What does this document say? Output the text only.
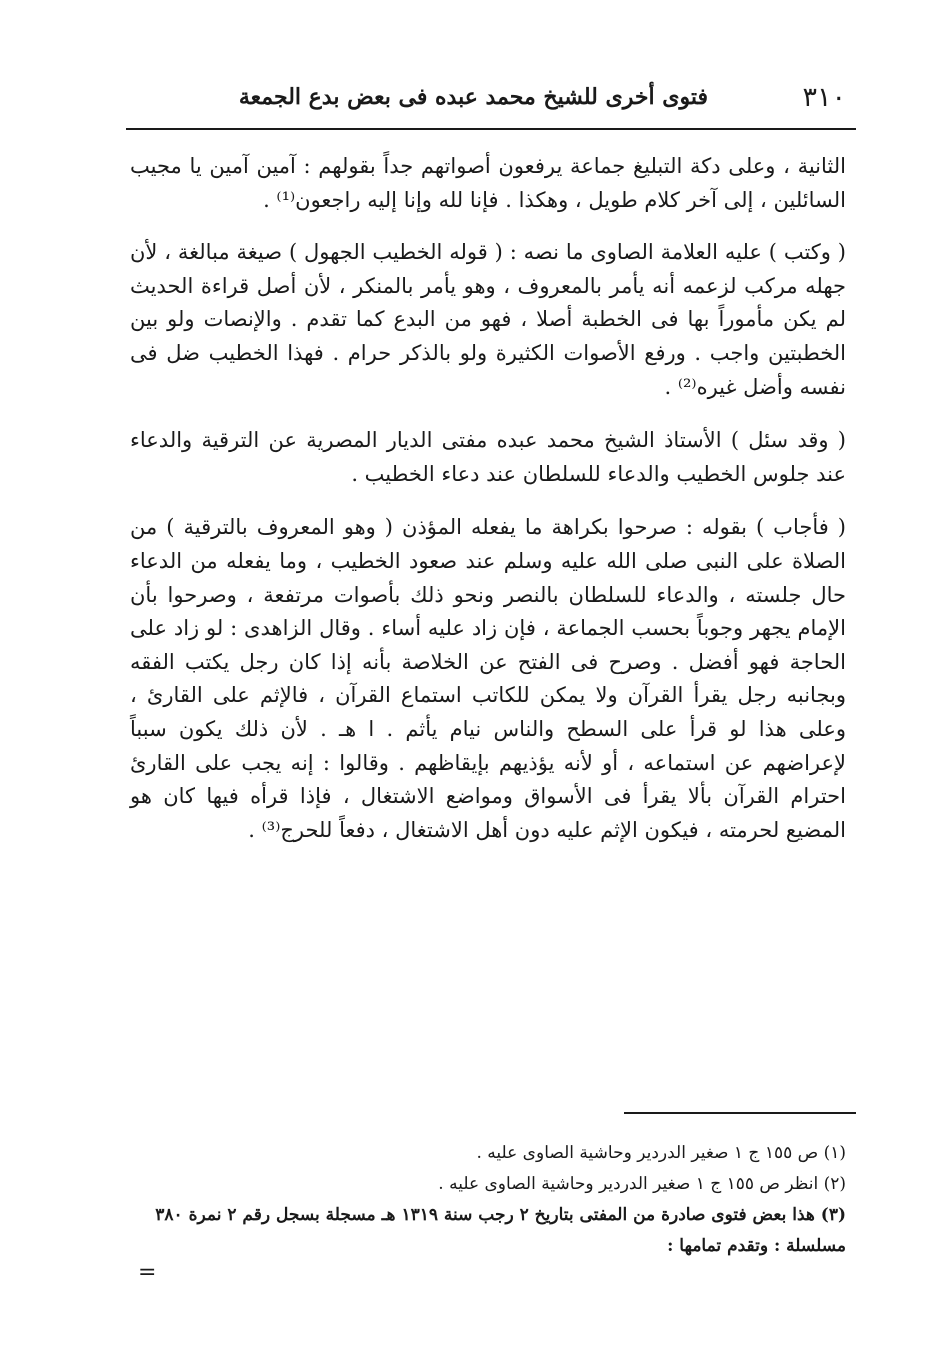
٣١٠
فتوى أخرى للشيخ محمد عبده فى بعض بدع الجمعة

الثانية ، وعلى دكة التبليغ جماعة يرفعون أصواتهم جداً بقولهم : آمين آمين يا مجيب السائلين ، إلى آخر كلام طويل ، وهكذا . فإنا لله وإنا إليه راجعون⁽¹⁾ .

( وكتب ) عليه العلامة الصاوى ما نصه : ( قوله الخطيب الجهول ) صيغة مبالغة ، لأن جهله مركب لزعمه أنه يأمر بالمعروف ، وهو يأمر بالمنكر ، لأن أصل قراءة الحديث لم يكن مأموراً بها فى الخطبة أصلا ، فهو من البدع كما تقدم . والإنصات ولو بين الخطبتين واجب . ورفع الأصوات الكثيرة ولو بالذكر حرام . فهذا الخطيب ضل فى نفسه وأضل غيره⁽²⁾ .

( وقد سئل ) الأستاذ الشيخ محمد عبده مفتى الديار المصرية عن الترقية والدعاء عند جلوس الخطيب والدعاء للسلطان عند دعاء الخطيب .

( فأجاب ) بقوله : صرحوا بكراهة ما يفعله المؤذن ( وهو المعروف بالترقية ) من الصلاة على النبى صلى الله عليه وسلم عند صعود الخطيب ، وما يفعله من الدعاء حال جلسته ، والدعاء للسلطان بالنصر ونحو ذلك بأصوات مرتفعة ، وصرحوا بأن الإمام يجهر وجوباً بحسب الجماعة ، فإن زاد عليه أساء . وقال الزاهدى : لو زاد على الحاجة فهو أفضل . وصرح فى الفتح عن الخلاصة بأنه إذا كان رجل يكتب الفقه وبجانبه رجل يقرأ القرآن ولا يمكن للكاتب استماع القرآن ، فالإثم على القارئ ، وعلى هذا لو قرأ على السطح والناس نيام يأثم . ا هـ . لأن ذلك يكون سبباً لإعراضهم عن استماعه ، أو لأنه يؤذيهم بإيقاظهم . وقالوا : إنه يجب على القارئ احترام القرآن بألا يقرأ فى الأسواق ومواضع الاشتغال ، فإذا قرأه فيها كان هو المضيع لحرمته ، فيكون الإثم عليه دون أهل الاشتغال ، دفعاً للحرج⁽³⁾ .

(١) ص ١٥٥ ج ١ صغير الدردير وحاشية الصاوى عليه .

(٢) انظر ص ١٥٥ ج ١ صغير الدردير وحاشية الصاوى عليه .

(٣) هذا بعض فتوى صادرة من المفتى بتاريخ ٢ رجب سنة ١٣١٩ هـ مسجلة بسجل رقم ٢ نمرة ٣٨٠ مسلسلة : وتقدم تمامها :

=
